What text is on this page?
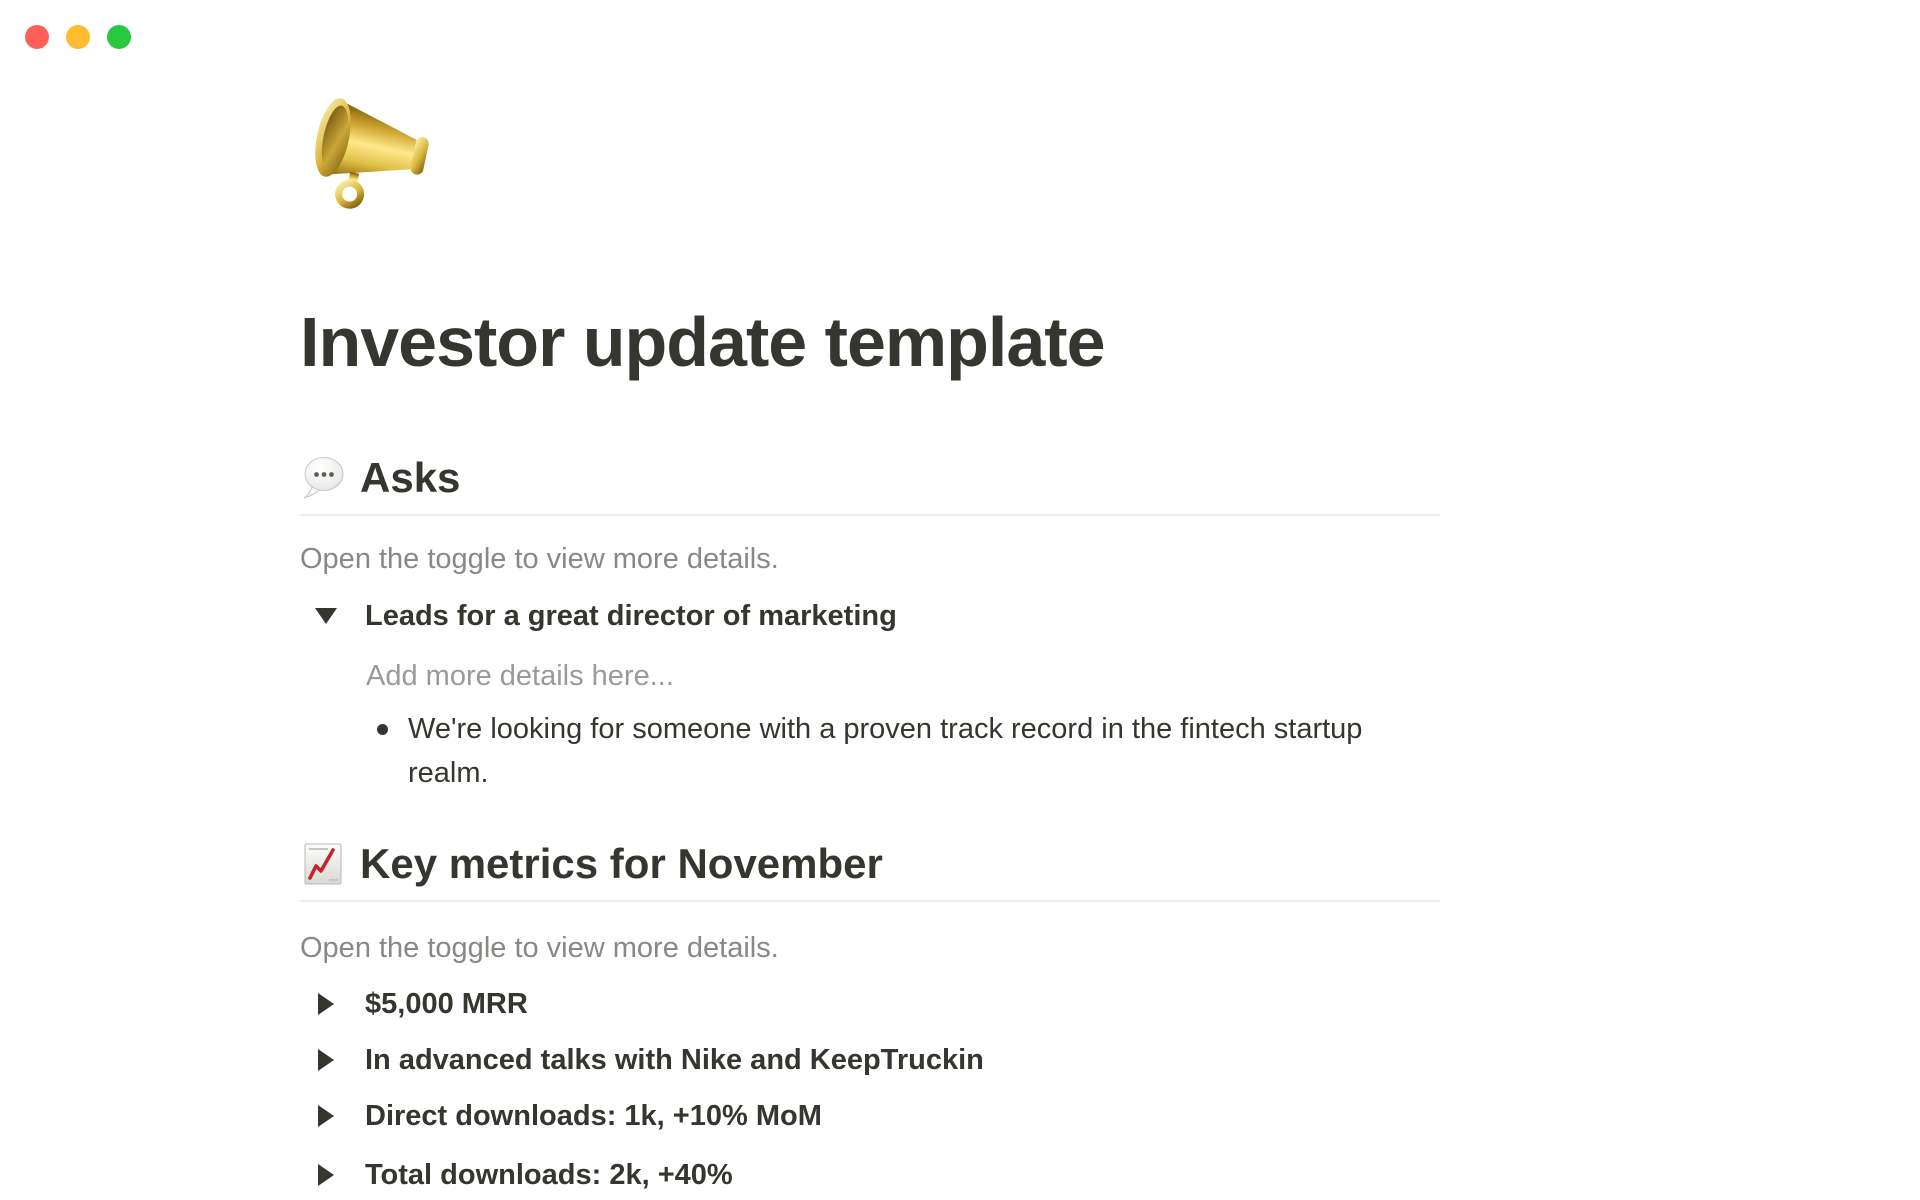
Investor update template
Asks

Open the toggle to view more details.

Leads for a great director of marketing

Add more details here...

We're looking for someone with a proven track record in the fintech startup realm.
Key metrics for November

Open the toggle to view more details.

$5,000 MRR
In advanced talks with Nike and KeepTruckin
Direct downloads: 1k, +10% MoM
Total downloads: 2k, +40%
